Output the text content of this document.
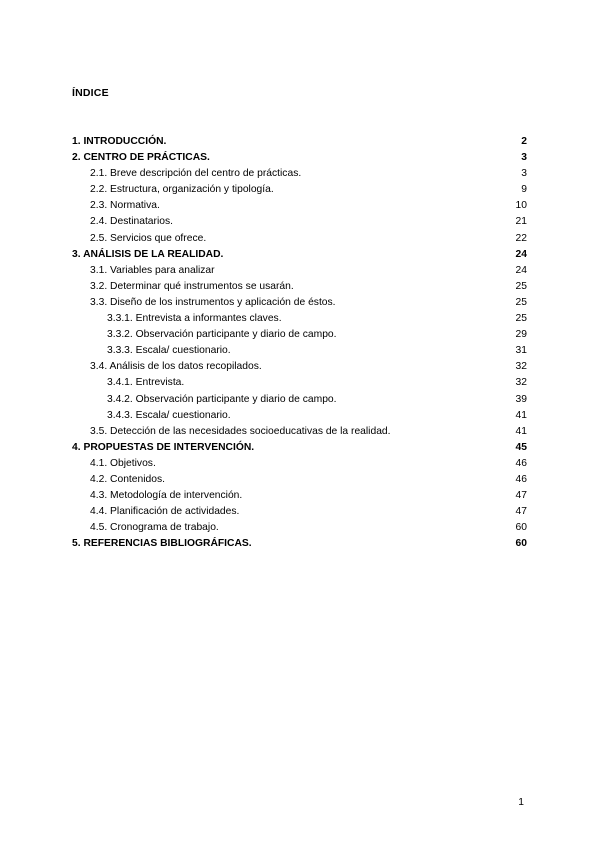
ÍNDICE
1. INTRODUCCIÓN.	2
2. CENTRO DE PRÁCTICAS.	3
2.1. Breve descripción del centro de prácticas.	3
2.2. Estructura, organización y tipología.	9
2.3. Normativa.	10
2.4. Destinatarios.	21
2.5. Servicios que ofrece.	22
3. ANÁLISIS DE LA REALIDAD.	24
3.1. Variables para analizar	24
3.2. Determinar qué instrumentos se usarán.	25
3.3. Diseño de los instrumentos y aplicación de éstos.	25
3.3.1. Entrevista a informantes claves.	25
3.3.2. Observación participante y diario de campo.	29
3.3.3. Escala/ cuestionario.	31
3.4. Análisis de los datos recopilados.	32
3.4.1. Entrevista.	32
3.4.2. Observación participante y diario de campo.	39
3.4.3. Escala/ cuestionario.	41
3.5. Detección de las necesidades socioeducativas de la realidad.	41
4. PROPUESTAS DE INTERVENCIÓN.	45
4.1. Objetivos.	46
4.2. Contenidos.	46
4.3. Metodología de intervención.	47
4.4. Planificación de actividades.	47
4.5. Cronograma de trabajo.	60
5. REFERENCIAS BIBLIOGRÁFICAS.	60
1
